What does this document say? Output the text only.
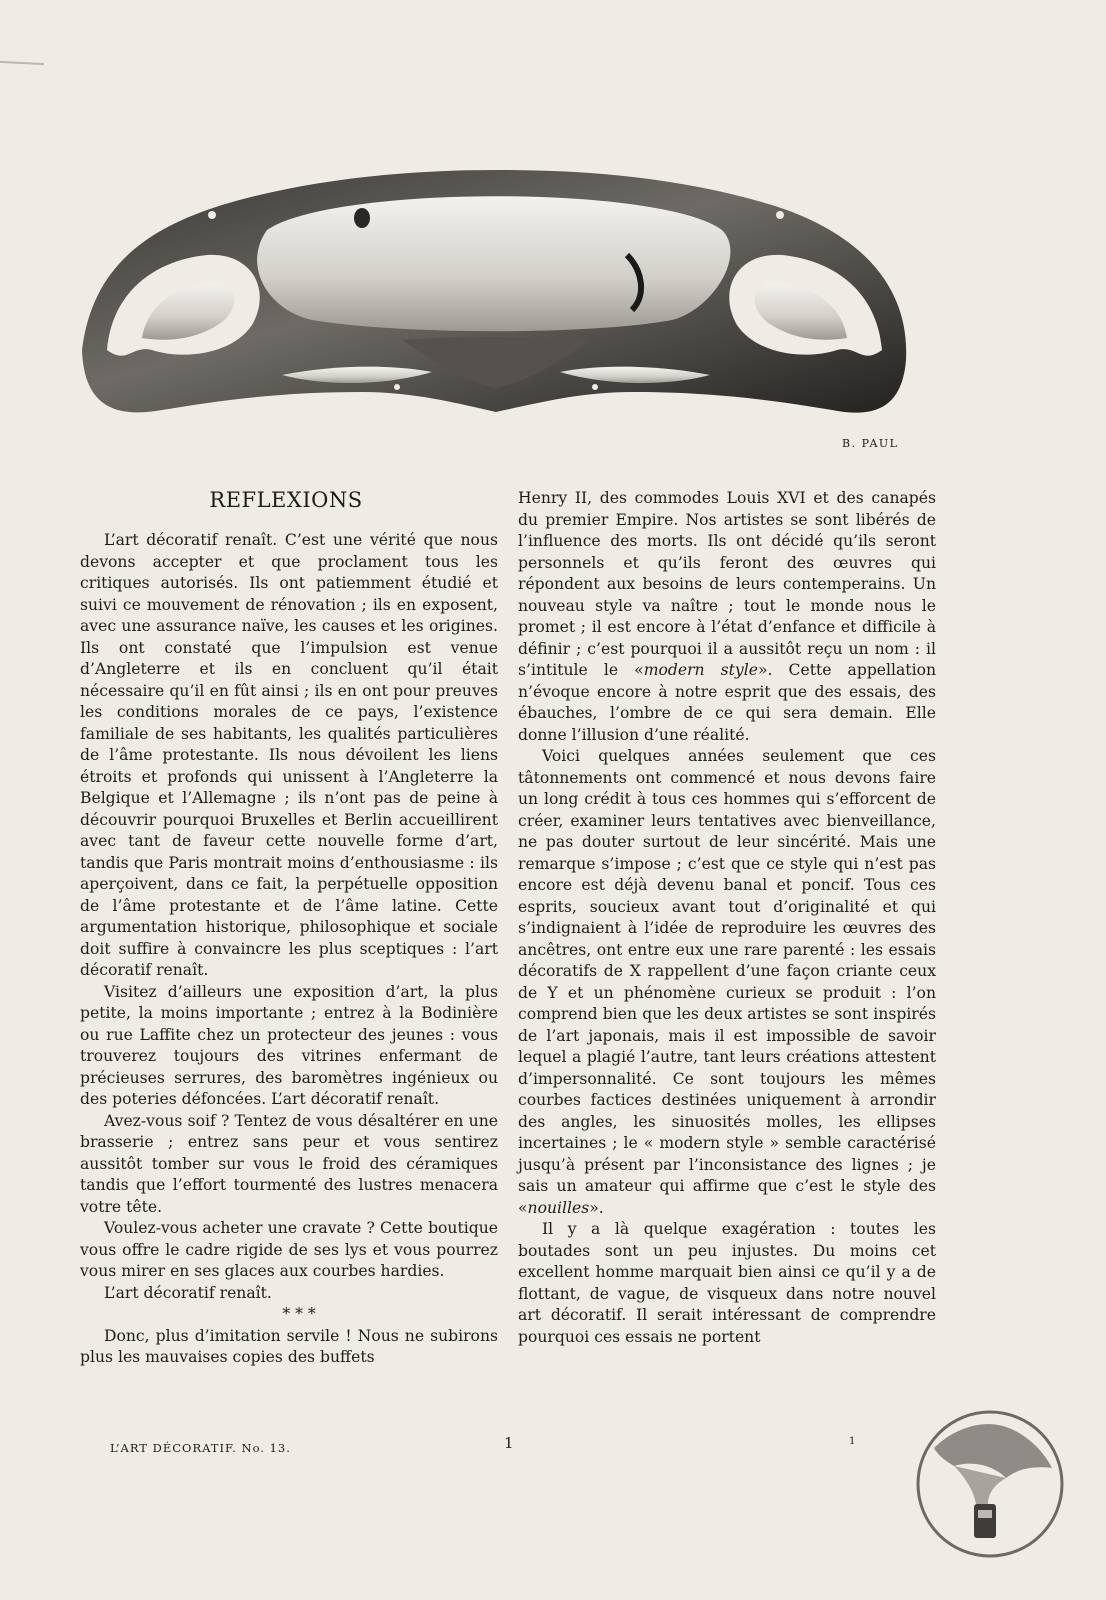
B. PAUL
REFLEXIONS

L’art décoratif renaît. C’est une vérité que nous devons accepter et que proclament tous les critiques autorisés. Ils ont patiemment étudié et suivi ce mouvement de rénovation ; ils en exposent, avec une assurance naïve, les causes et les origines. Ils ont constaté que l’impulsion est venue d’Angleterre et ils en concluent qu’il était nécessaire qu’il en fût ainsi ; ils en ont pour preuves les conditions morales de ce pays, l’existence familiale de ses habitants, les qualités particulières de l’âme protestante. Ils nous dévoilent les liens étroits et profonds qui unissent à l’Angleterre la Belgique et l’Allemagne ; ils n’ont pas de peine à découvrir pourquoi Bruxelles et Berlin accueillirent avec tant de faveur cette nouvelle forme d’art, tandis que Paris montrait moins d’enthousiasme : ils aperçoivent, dans ce fait, la perpétuelle opposition de l’âme protestante et de l’âme latine. Cette argumentation historique, philosophique et sociale doit suffire à convaincre les plus sceptiques : l’art décoratif renaît.

Visitez d’ailleurs une exposition d’art, la plus petite, la moins importante ; entrez à la Bodinière ou rue Laffite chez un protecteur des jeunes : vous trouverez toujours des vitrines enfermant de précieuses serrures, des baromètres ingénieux ou des poteries défoncées. L’art décoratif renaît.

Avez-vous soif ? Tentez de vous désaltérer en une brasserie ; entrez sans peur et vous sentirez aussitôt tomber sur vous le froid des céramiques tandis que l’effort tourmenté des lustres menacera votre tête.

Voulez-vous acheter une cravate ? Cette boutique vous offre le cadre rigide de ses lys et vous pourrez vous mirer en ses glaces aux courbes hardies.

L’art décoratif renaît.

* * *

Donc, plus d’imitation servile ! Nous ne subirons plus les mauvaises copies des buffets

Henry II, des commodes Louis XVI et des canapés du premier Empire. Nos artistes se sont libérés de l’influence des morts. Ils ont décidé qu’ils seront personnels et qu’ils feront des œuvres qui répondent aux besoins de leurs contemperains. Un nouveau style va naître ; tout le monde nous le promet ; il est encore à l’état d’enfance et difficile à définir ; c’est pourquoi il a aussitôt reçu un nom : il s’intitule le «modern style». Cette appellation n’évoque encore à notre esprit que des essais, des ébauches, l’ombre de ce qui sera demain. Elle donne l’illusion d’une réalité.

Voici quelques années seulement que ces tâtonnements ont commencé et nous devons faire un long crédit à tous ces hommes qui s’efforcent de créer, examiner leurs tentatives avec bienveillance, ne pas douter surtout de leur sincérité. Mais une remarque s’impose ; c’est que ce style qui n’est pas encore est déjà devenu banal et poncif. Tous ces esprits, soucieux avant tout d’originalité et qui s’indignaient à l’idée de reproduire les œuvres des ancêtres, ont entre eux une rare parenté : les essais décoratifs de X rappellent d’une façon criante ceux de Y et un phénomène curieux se produit : l’on comprend bien que les deux artistes se sont inspirés de l’art japonais, mais il est impossible de savoir lequel a plagié l’autre, tant leurs créations attestent d’impersonnalité. Ce sont toujours les mêmes courbes factices destinées uniquement à arrondir des angles, les sinuosités molles, les ellipses incertaines ; le « modern style » semble caractérisé jusqu’à présent par l’inconsistance des lignes ; je sais un amateur qui affirme que c’est le style des «nouilles».

Il y a là quelque exagération : toutes les boutades sont un peu injustes. Du moins cet excellent homme marquait bien ainsi ce qu’il y a de flottant, de vague, de visqueux dans notre nouvel art décoratif. Il serait intéressant de comprendre pourquoi ces essais ne portent

L’ART DÉCORATIF. No. 13.	1	1
